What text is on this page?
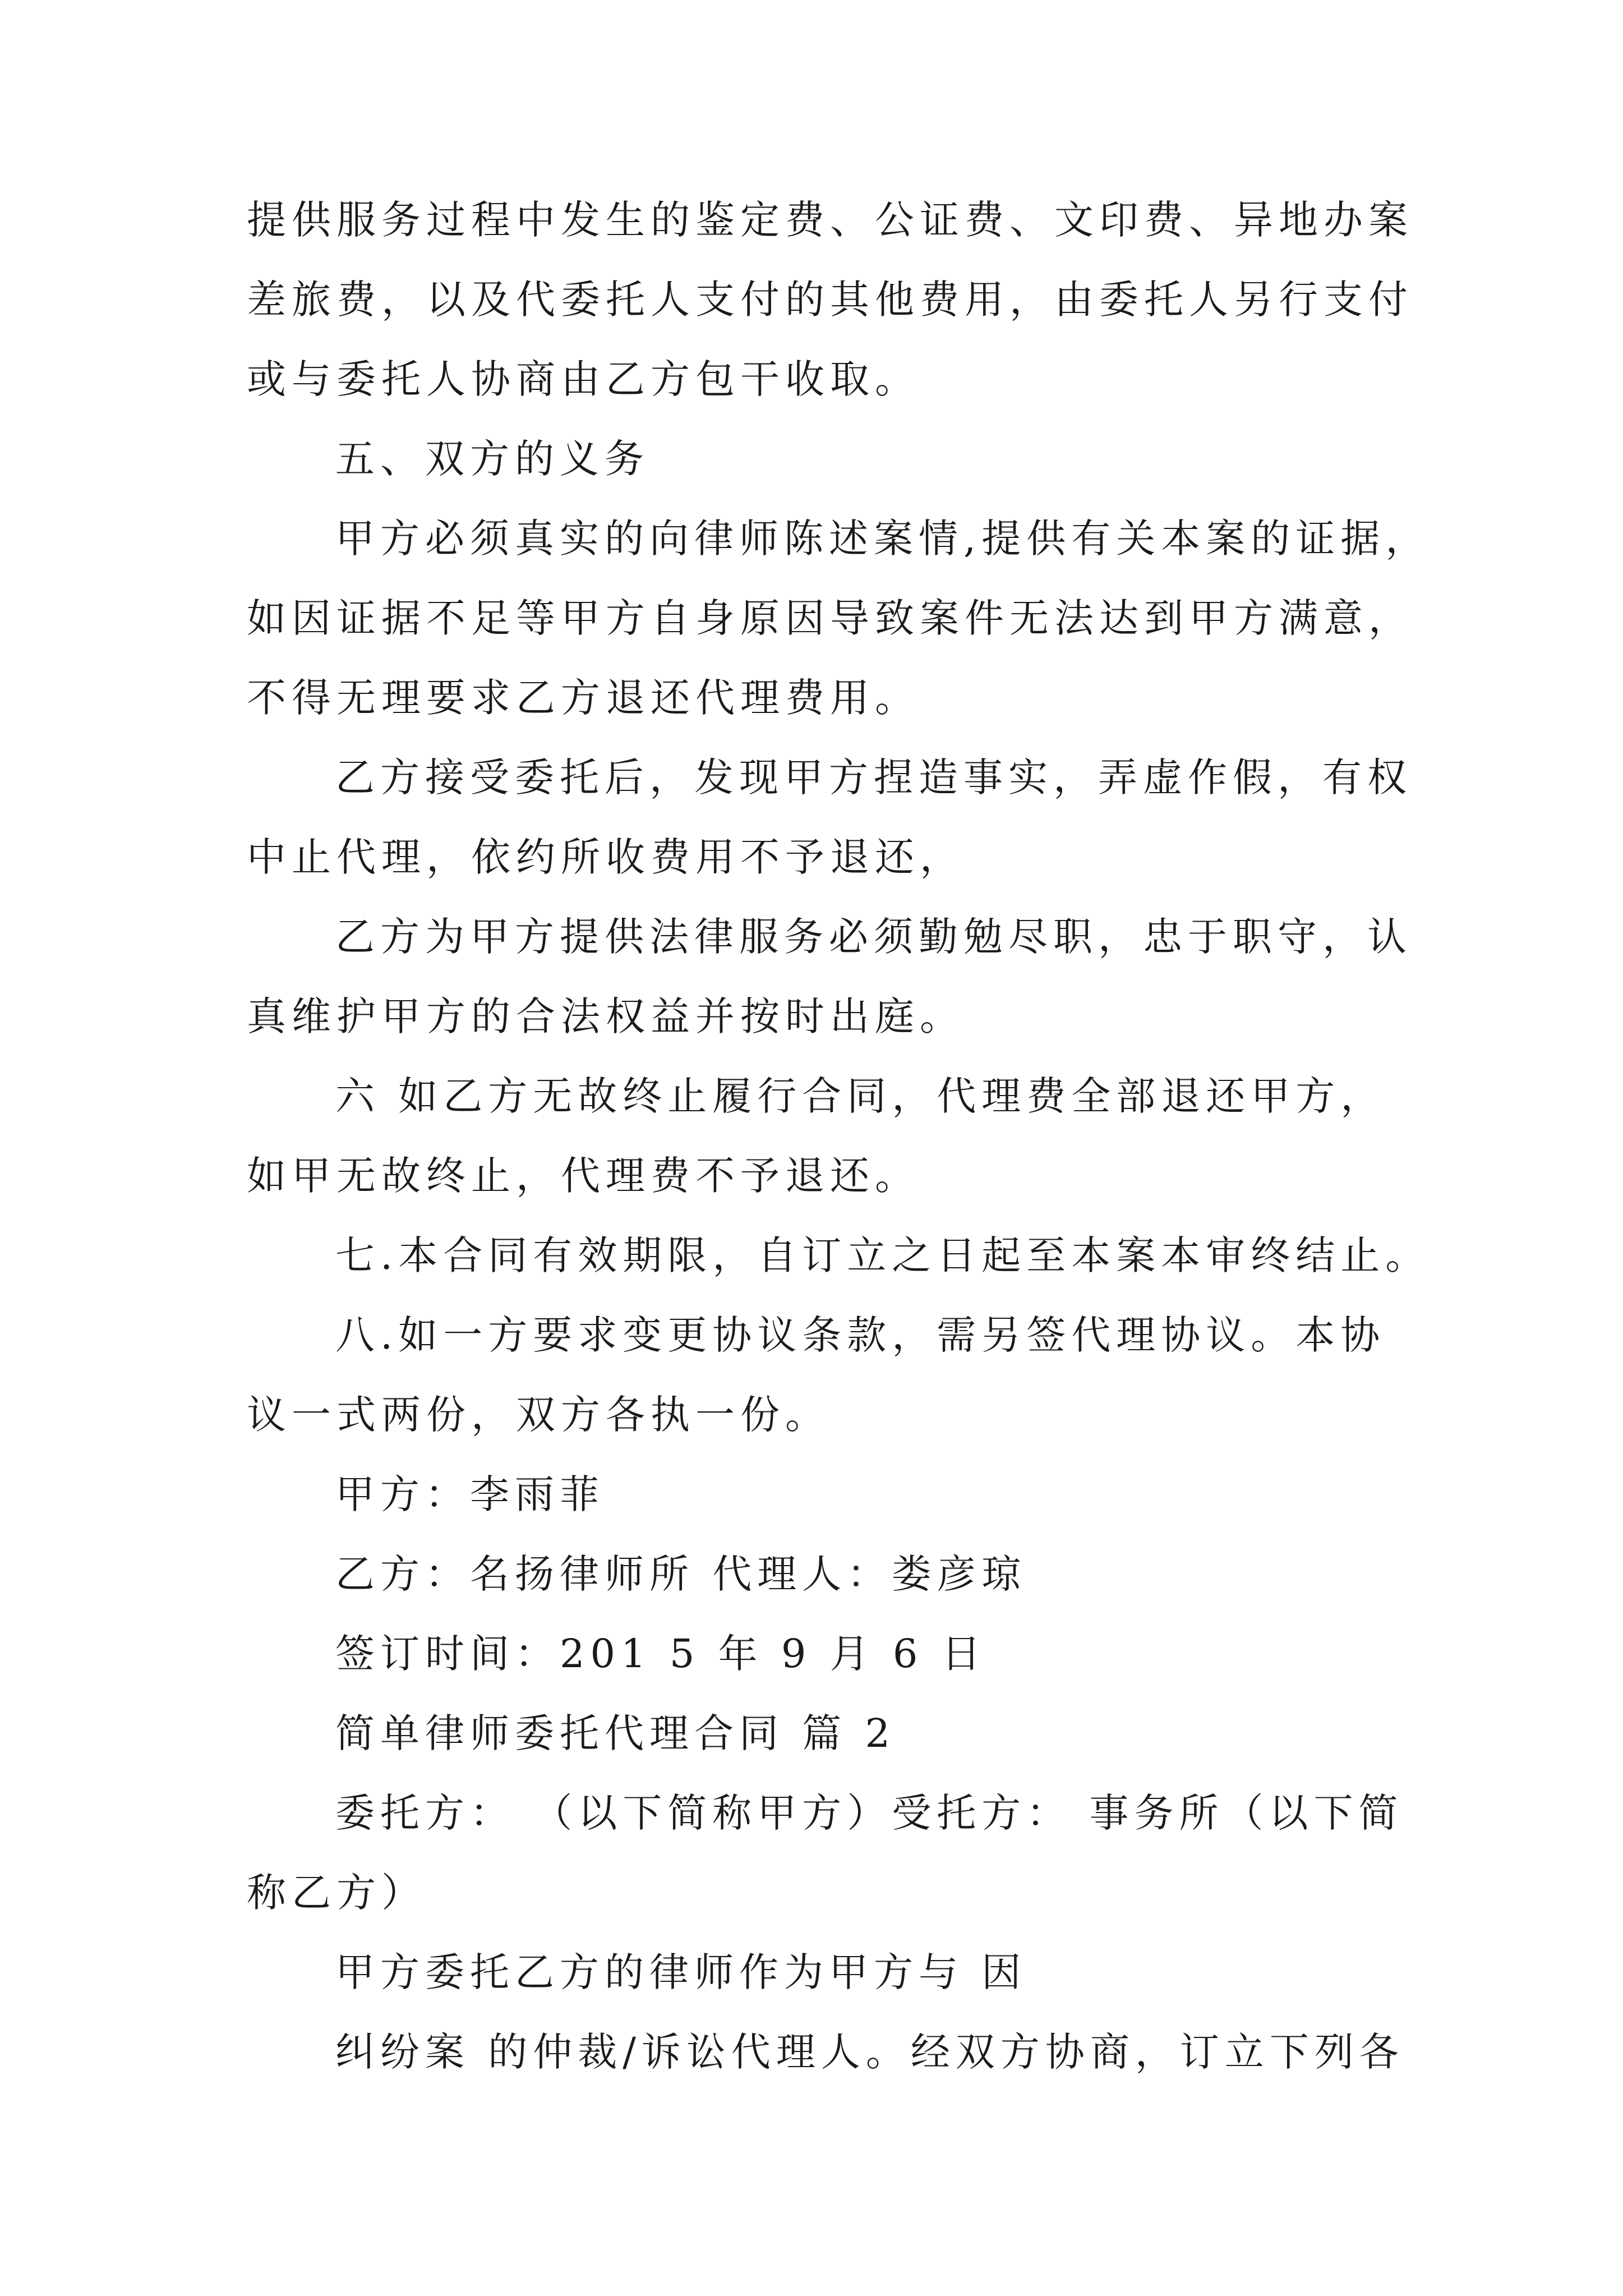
提供服务过程中发生的鉴定费、公证费、文印费、异地办案
差旅费，以及代委托人支付的其他费用，由委托人另行支付
或与委托人协商由乙方包干收取。
五、双方的义务
甲方必须真实的向律师陈述案情,提供有关本案的证据，
如因证据不足等甲方自身原因导致案件无法达到甲方满意，
不得无理要求乙方退还代理费用。
乙方接受委托后，发现甲方捏造事实，弄虚作假，有权
中止代理，依约所收费用不予退还，
乙方为甲方提供法律服务必须勤勉尽职，忠于职守，认
真维护甲方的合法权益并按时出庭。
六 如乙方无故终止履行合同，代理费全部退还甲方，
如甲无故终止，代理费不予退还。
七.本合同有效期限，自订立之日起至本案本审终结止。
八.如一方要求变更协议条款，需另签代理协议。本协
议一式两份，双方各执一份。
甲方：李雨菲
乙方：名扬律师所 代理人：娄彦琼
签订时间：201 5 年 9 月 6 日
简单律师委托代理合同 篇 2
委托方： （以下简称甲方）受托方： 事务所（以下简
称乙方）
甲方委托乙方的律师作为甲方与 因
纠纷案 的仲裁/诉讼代理人。经双方协商，订立下列各
